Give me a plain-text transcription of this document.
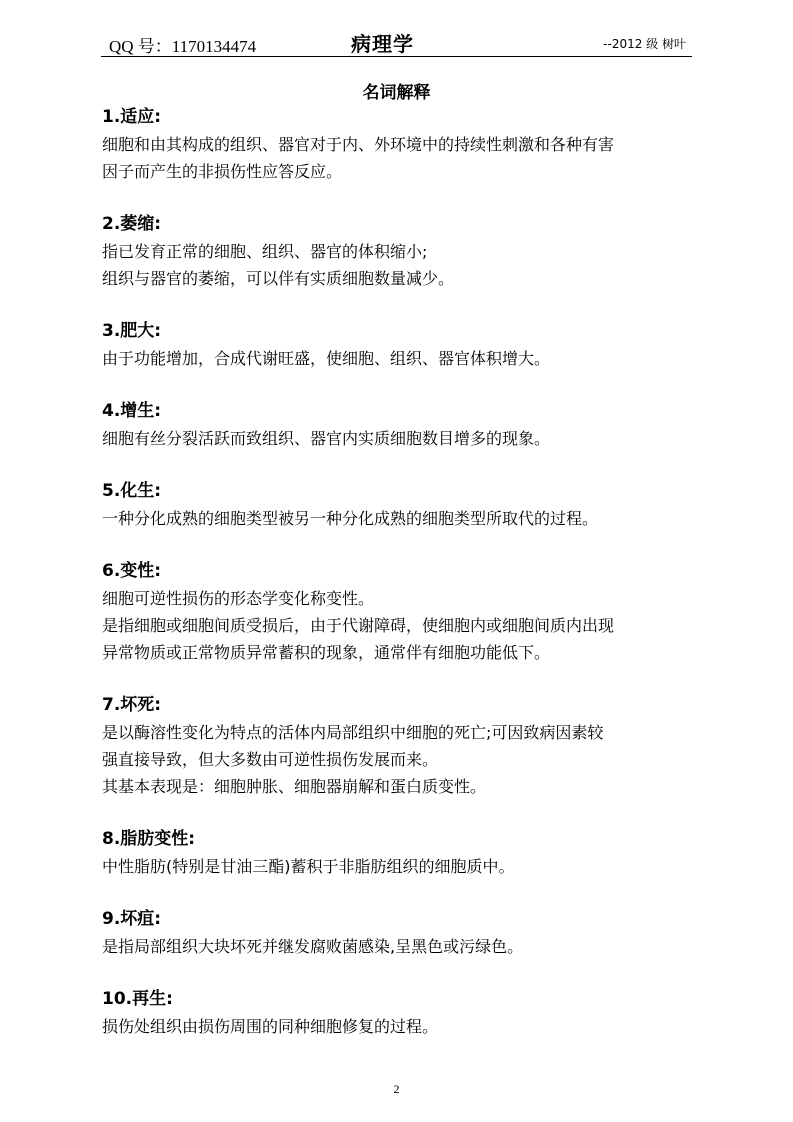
QQ 号：1170134474	病理学	--2012 级 树叶
名词解释
1.适应:
细胞和由其构成的组织、器官对于内、外环境中的持续性刺激和各种有害
因子而产生的非损伤性应答反应。
2.萎缩:
指已发育正常的细胞、组织、器官的体积缩小;
组织与器官的萎缩，可以伴有实质细胞数量减少。
3.肥大:
由于功能增加，合成代谢旺盛，使细胞、组织、器官体积增大。
4.增生:
细胞有丝分裂活跃而致组织、器官内实质细胞数目增多的现象。
5.化生:
一种分化成熟的细胞类型被另一种分化成熟的细胞类型所取代的过程。
6.变性:
细胞可逆性损伤的形态学变化称变性。
是指细胞或细胞间质受损后，由于代谢障碍，使细胞内或细胞间质内出现
异常物质或正常物质异常蓄积的现象，通常伴有细胞功能低下。
7.坏死:
是以酶溶性变化为特点的活体内局部组织中细胞的死亡;可因致病因素较
强直接导致，但大多数由可逆性损伤发展而来。
其基本表现是：细胞肿胀、细胞器崩解和蛋白质变性。
8.脂肪变性:
中性脂肪(特别是甘油三酯)蓄积于非脂肪组织的细胞质中。
9.坏疽:
是指局部组织大块坏死并继发腐败菌感染,呈黑色或污绿色。
10.再生:
损伤处组织由损伤周围的同种细胞修复的过程。
2
